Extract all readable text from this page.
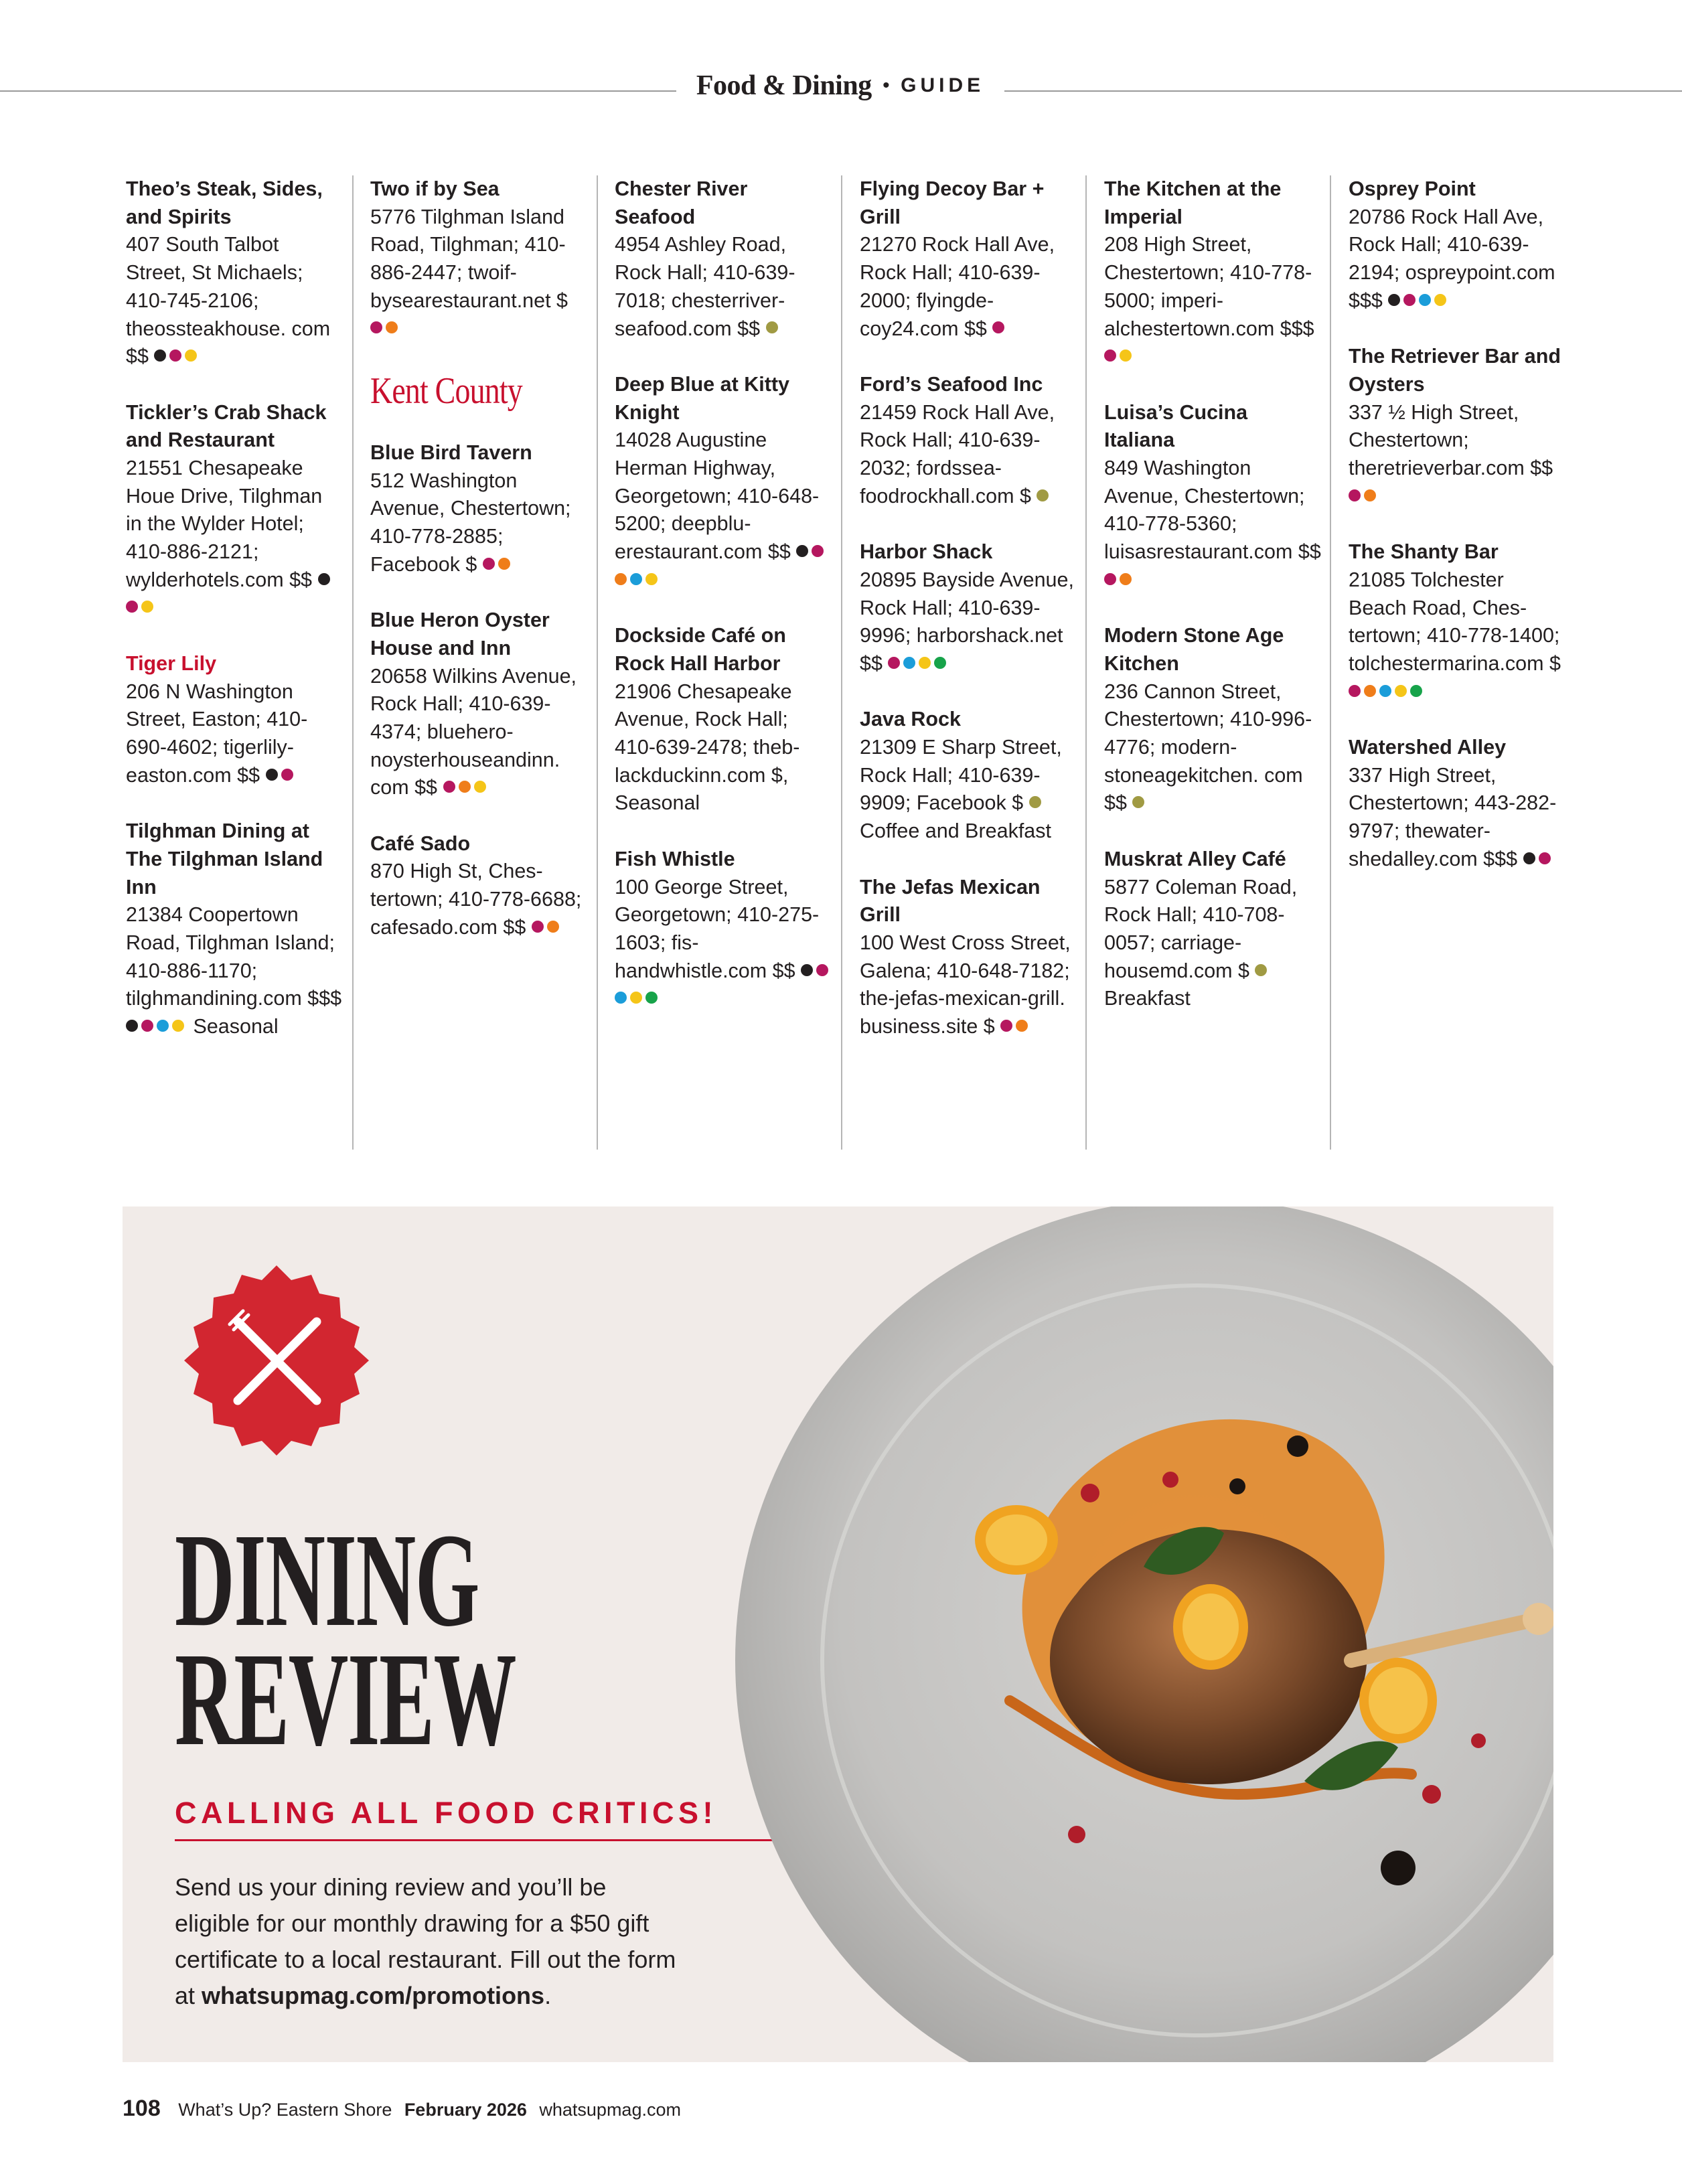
Food & Dining • GUIDE
Theo’s Steak, Sides, and Spirits
407 South Talbot Street, St Michaels; 410-745-2106; theossteakhouse. com $$
Tickler’s Crab Shack and Restaurant
21551 Chesapeake Houe Drive, Tilghman in the Wylder Hotel; 410-886-2121; wylderhotels.com $$
Tiger Lily
206 N Washington Street, Easton; 410-690-4602; tigerlilyeaston.com $$
Tilghman Dining at The Tilghman Island Inn
21384 Coopertown Road, Tilghman Island; 410-886-1170; tilghmandining.com $$$  Seasonal
Two if by Sea
5776 Tilghman Island Road, Tilghman; 410-886-2447; twoifbysearestaurant.net $
Kent County
Blue Bird Tavern
512 Washington Avenue, Chestertown; 410-778-2885; Facebook $
Blue Heron Oyster House and Inn
20658 Wilkins Avenue, Rock Hall; 410-639-4374; blueheronoysterhouseandinn. com $$
Café Sado
870 High St, Chestertown; 410-778-6688; cafesado.com $$
Chester River Seafood
4954 Ashley Road, Rock Hall; 410-639-7018; chesterriverseafood.com $$
Deep Blue at Kitty Knight
14028 Augustine Herman Highway, Georgetown; 410-648-5200; deepbluerestaurant.com $$
Dockside Café on Rock Hall Harbor
21906 Chesapeake Avenue, Rock Hall; 410-639-2478; theblackduckinn.com $, Seasonal
Fish Whistle
100 George Street, Georgetown; 410-275-1603; fishandwhistle.com $$
Flying Decoy Bar + Grill
21270 Rock Hall Ave, Rock Hall; 410-639-2000; flyingdecoy24.com $$
Ford’s Seafood Inc
21459 Rock Hall Ave, Rock Hall; 410-639-2032; fordsseafoodrockhall.com $
Harbor Shack
20895 Bayside Avenue, Rock Hall; 410-639-9996; harborshack.net $$
Java Rock
21309 E Sharp Street, Rock Hall; 410-639-9909; Facebook $  Coffee and Breakfast
The Jefas Mexican Grill
100 West Cross Street, Galena; 410-648-7182; the-jefas-mexican-grill. business.site $
The Kitchen at the Imperial
208 High Street, Chestertown; 410-778-5000; imperialchestertown.com $$$
Luisa’s Cucina Italiana
849 Washington Avenue, Chestertown; 410-778-5360; luisasrestaurant.com $$
Modern Stone Age Kitchen
236 Cannon Street, Chestertown; 410-996-4776; modernstoneagekitchen. com $$
Muskrat Alley Café
5877 Coleman Road, Rock Hall; 410-708-0057; carriagehousemd.com $  Breakfast
Osprey Point
20786 Rock Hall Ave, Rock Hall; 410-639-2194; ospreypoint.com $$$
The Retriever Bar and Oysters
337 ½ High Street, Chestertown; theretrieverbar.com $$
The Shanty Bar
21085 Tolchester Beach Road, Chestertown; 410-778-1400; tolchestermarina.com $
Watershed Alley
337 High Street, Chestertown; 443-282-9797; thewatershedalley.com $$$
DINING
REVIEW
CALLING ALL FOOD CRITICS!
Send us your dining review and you’ll be eligible for our monthly drawing for a $50 gift certificate to a local restaurant. Fill out the form at whatsupmag.com/promotions.
108 What’s Up? Eastern Shore February 2026 whatsupmag.com
